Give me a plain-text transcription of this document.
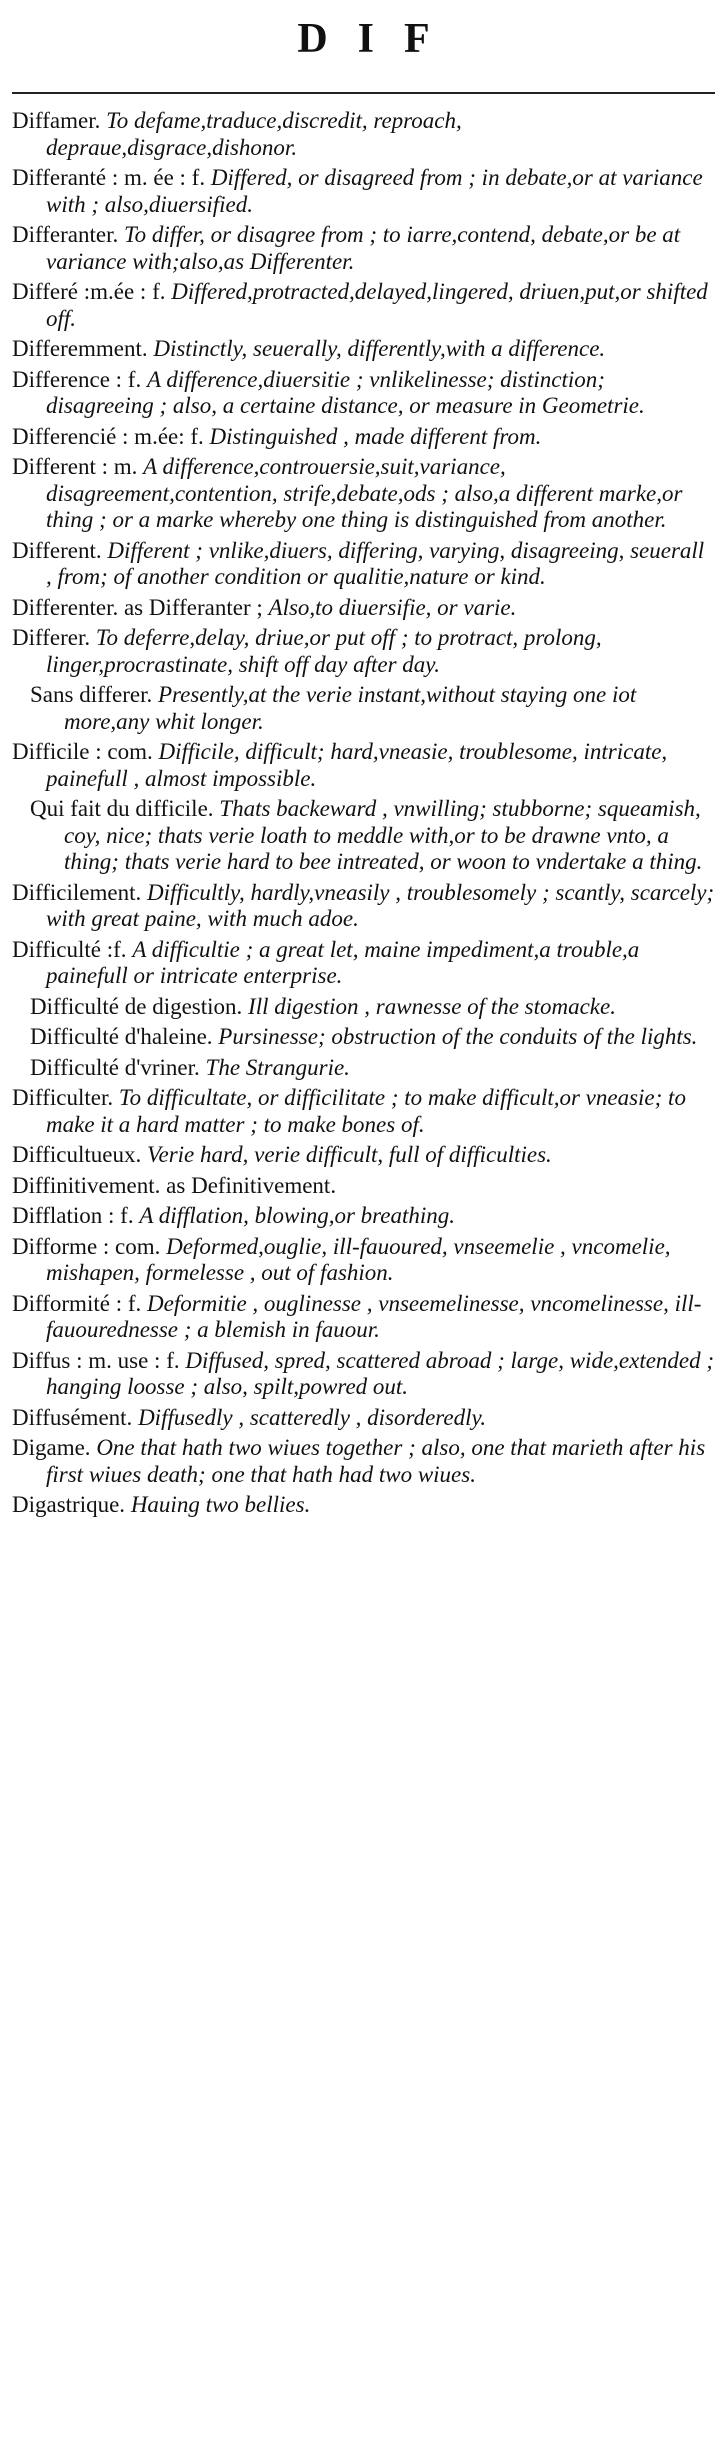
DIF
Diffamer. To defame,traduce,discredit, reproach, depraue,disgrace,dishonor.
Differanté : m. ée : f. Differed, or disagreed from ; in debate,or at variance with ; also,diuersified.
Differanter. To differ, or disagree from ; to iarre,contend, debate,or be at variance with;also,as Differenter.
Differé :m.ée : f. Differed,protracted,delayed,lingered, driuen,put,or shifted off.
Differemment. Distinctly, seuerally, differently,with a difference.
Difference : f. A difference,diuersitie ; vnlikelinesse; distinction; disagreeing ; also, a certaine distance, or measure in Geometrie.
Differencié : m.ée: f. Distinguished , made different from.
Different : m. A difference,controuersie,suit,variance, disagreement,contention, strife,debate,ods ; also,a different marke,or thing ; or a marke whereby one thing is distinguished from another.
Different. Different ; vnlike,diuers, differing, varying, disagreeing, seuerall , from; of another condition or qualitie,nature or kind.
Differenter. as Differanter ; Also,to diuersifie, or varie.
Differer. To deferre,delay, driue,or put off ; to protract, prolong, linger,procrastinate, shift off day after day.
Sans differer. Presently,at the verie instant,without staying one iot more,any whit longer.
Difficile : com. Difficile, difficult; hard,vneasie, troublesome, intricate, painefull , almost impossible.
Qui fait du difficile. Thats backeward , vnwilling; stubborne; squeamish, coy, nice; thats verie loath to meddle with,or to be drawne vnto, a thing; thats verie hard to bee intreated, or woon to vndertake a thing.
Difficilement. Difficultly, hardly,vneasily , troublesomely ; scantly, scarcely; with great paine, with much adoe.
Difficulté :f. A difficultie ; a great let, maine impediment,a trouble,a painefull or intricate enterprise.
Difficulté de digestion. Ill digestion , rawnesse of the stomacke.
Difficulté d'haleine. Pursinesse; obstruction of the conduits of the lights.
Difficulté d'vriner. The Strangurie.
Difficulter. To difficultate, or difficilitate ; to make difficult,or vneasie; to make it a hard matter ; to make bones of.
Difficultueux. Verie hard, verie difficult, full of difficulties.
Diffinitivement. as Definitivement.
Difflation : f. A difflation, blowing,or breathing.
Difforme : com. Deformed,ouglie, ill-fauoured, vnseemelie , vncomelie, mishapen, formelesse , out of fashion.
Difformité : f. Deformitie , ouglinesse , vnseemelinesse, vncomelinesse, ill-fauourednesse ; a blemish in fauour.
Diffus : m. use : f. Diffused, spred, scattered abroad ; large, wide,extended ; hanging loosse ; also, spilt,powred out.
Diffusément. Diffusedly , scatteredly , disorderedly.
Digame. One that hath two wiues together ; also, one that marieth after his first wiues death; one that hath had two wiues.
Digastrique. Hauing two bellies.
